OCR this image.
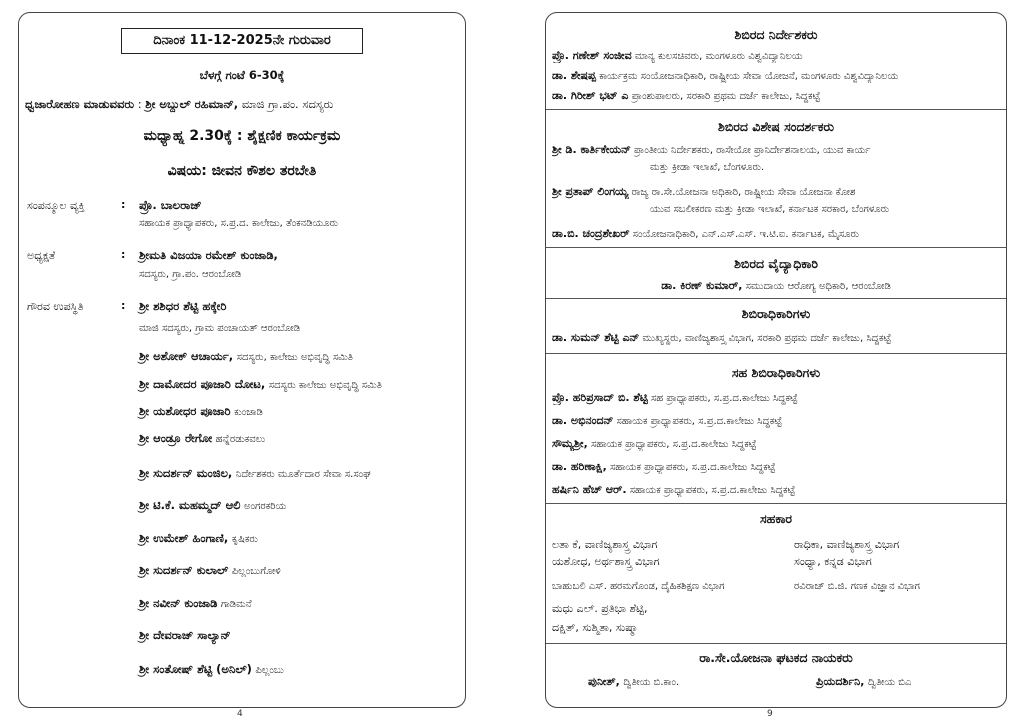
ದಿನಾಂಕ 11-12-2025ನೇ ಗುರುವಾರ
ಬೆಳಗ್ಗೆ ಗಂಟೆ 6-30ಕ್ಕೆ
ಧ್ವಜಾರೋಹಣ ಮಾಡುವವರು : ಶ್ರೀ ಅಬ್ದುಲ್ ರಹಿಮಾನ್, ಮಾಜಿ ಗ್ರಾ.ಪಂ. ಸದಸ್ಯರು
ಮಧ್ಯಾಹ್ನ 2.30ಕ್ಕೆ : ಶೈಕ್ಷಣಿಕ ಕಾರ್ಯಕ್ರಮ
ವಿಷಯ: ಜೀವನ ಕೌಶಲ ತರಬೇತಿ
ಸಂಪನ್ಮೂಲ ವ್ಯಕ್ತಿ	: ಪ್ರೊ. ಬಾಲರಾಜ್
ಸಹಾಯಕ ಪ್ರಾಧ್ಯಾಪಕರು, ಸ.ಪ್ರ.ದ. ಕಾಲೇಜು, ತೆಂಕನಡಿಯೂರು
ಅಧ್ಯಕ್ಷತೆ	: ಶ್ರೀಮತಿ ವಿಜಯಾ ರಮೇಶ್ ಕುಂಜಾಡಿ,
ಸದಸ್ಯರು, ಗ್ರಾ.ಪಂ. ಆರಂಬೋಡಿ
ಗೌರವ ಉಪಸ್ಥಿತಿ	: ಶ್ರೀ ಶಶಿಧರ ಶೆಟ್ಟಿ ಹಕ್ಕೇರಿ
ಮಾಜಿ ಸದಸ್ಯರು, ಗ್ರಾಮ ಪಂಚಾಯತ್ ಆರಂಬೋಡಿ
ಶ್ರೀ ಅಶೋಕ್ ಆಚಾರ್ಯ, ಸದಸ್ಯರು, ಕಾಲೇಜು ಅಭಿವೃದ್ಧಿ ಸಮಿತಿ
ಶ್ರೀ ದಾಮೋದರ ಪೂಜಾರಿ ದೋಟ, ಸದಸ್ಯರು ಕಾಲೇಜು ಅಭಿವೃದ್ಧಿ ಸಮಿತಿ
ಶ್ರೀ ಯಶೋಧರ ಪೂಜಾರಿ ಕುಂಜಾಡಿ
ಶ್ರೀ ಆಂಡ್ರೂ ರೇಗೋ ಹನ್ನೆರಡುಕವಲು
ಶ್ರೀ ಸುದರ್ಶನ್ ಮಂಜಿಲ, ನಿರ್ದೇಶಕರು ಮೂರ್ತೆದಾರ ಸೇವಾ ಸ.ಸಂಘ
ಶ್ರೀ ಟಿ.ಕೆ. ಮಹಮ್ಮದ್ ಆಲಿ ಅಂಗರಕರಿಯ
ಶ್ರೀ ಉಮೇಶ್ ಹಿಂಗಾಣಿ, ಕೃಷಿಕರು
ಶ್ರೀ ಸುದರ್ಶನ್ ಕುಲಾಲ್ ಪಿಲ್ಲಂಬುಗೋಳಿ
ಶ್ರೀ ನವೀನ್ ಕುಂಜಾಡಿ ಗಾಡಿಮನೆ
ಶ್ರೀ ದೇವರಾಜ್ ಸಾಲ್ಯಾನ್
ಶ್ರೀ ಸಂತೋಷ್ ಶೆಟ್ಟಿ (ಅನಿಲ್) ಪಿಲ್ಲಂಬು
4
ಶಿಬಿರದ ನಿರ್ದೇಶಕರು
ಪ್ರೊ. ಗಣೇಶ್ ಸಂಜೀವ ಮಾನ್ಯ ಕುಲಸಚಿವರು, ಮಂಗಳೂರು ವಿಶ್ವವಿದ್ಯಾನಿಲಯ
ಡಾ. ಶೇಷಪ್ಪ ಕಾರ್ಯಕ್ರಮ ಸಂಯೋಜನಾಧಿಕಾರಿ, ರಾಷ್ಟ್ರೀಯ ಸೇವಾ ಯೋಜನೆ, ಮಂಗಳೂರು ವಿಶ್ವವಿದ್ಯಾನಿಲಯ
ಡಾ. ಗಿರೀಶ್ ಭಟ್ ಎ ಪ್ರಾಂಶುಪಾಲರು, ಸರಕಾರಿ ಪ್ರಥಮ ದರ್ಜೆ ಕಾಲೇಜು, ಸಿದ್ಧಕಟ್ಟೆ
ಶಿಬಿರದ ವಿಶೇಷ ಸಂದರ್ಶಕರು
ಶ್ರೀ ಡಿ. ಕಾರ್ತಿಕೇಯನ್ ಪ್ರಾಂತೀಯ ನಿರ್ದೇಶಕರು, ರಾಸೇಯೋ ಪ್ರಾನಿರ್ದೇಶನಾಲಯ, ಯುವ ಕಾರ್ಯ
ಮತ್ತು ಕ್ರೀಡಾ ಇಲಾಖೆ, ಬೆಂಗಳೂರು.
ಶ್ರೀ ಪ್ರತಾಪ್ ಲಿಂಗಯ್ಯ ರಾಜ್ಯ ರಾ.ಸೇ.ಯೋಜನಾ ಅಧಿಕಾರಿ, ರಾಷ್ಟ್ರೀಯ ಸೇವಾ ಯೋಜನಾ ಕೋಶ
ಯುವ ಸಬಲೀಕರಣ ಮತ್ತು ಕ್ರೀಡಾ ಇಲಾಖೆ, ಕರ್ನಾಟಕ ಸರಕಾರ, ಬೆಂಗಳೂರು
ಡಾ.ಬಿ. ಚಂದ್ರಶೇಖರ್ ಸಂಯೋಜನಾಧಿಕಾರಿ, ಎನ್.ಎಸ್.ಎಸ್. ಇ.ಟಿ.ಐ. ಕರ್ನಾಟಕ, ಮೈಸೂರು
ಶಿಬಿರದ ವೈದ್ಯಾಧಿಕಾರಿ
ಡಾ. ಕಿರಣ್ ಕುಮಾರ್, ಸಮುದಾಯ ಆರೋಗ್ಯ ಅಧಿಕಾರಿ, ಆರಂಬೋಡಿ
ಶಿಬಿರಾಧಿಕಾರಿಗಳು
ಡಾ. ಸುಮನ್ ಶೆಟ್ಟಿ ಎನ್ ಮುಖ್ಯಸ್ಥರು, ವಾಣಿಜ್ಯಶಾಸ್ತ್ರ ವಿಭಾಗ, ಸರಕಾರಿ ಪ್ರಥಮ ದರ್ಜೆ ಕಾಲೇಜು, ಸಿದ್ಧಕಟ್ಟೆ
ಸಹ ಶಿಬಿರಾಧಿಕಾರಿಗಳು
ಪ್ರೊ. ಹರಿಪ್ರಸಾದ್ ಬಿ. ಶೆಟ್ಟಿ ಸಹ ಪ್ರಾಧ್ಯಾಪಕರು, ಸ.ಪ್ರ.ದ.ಕಾಲೇಜು ಸಿದ್ಧಕಟ್ಟೆ
ಡಾ. ಅಭಿನಂದನ್ ಸಹಾಯಕ ಪ್ರಾಧ್ಯಾಪಕರು, ಸ.ಪ್ರ.ದ.ಕಾಲೇಜು ಸಿದ್ಧಕಟ್ಟೆ
ಸೌಮ್ಯಶ್ರೀ, ಸಹಾಯಕ ಪ್ರಾಧ್ಯಾಪಕರು, ಸ.ಪ್ರ.ದ.ಕಾಲೇಜು ಸಿದ್ಧಕಟ್ಟೆ
ಡಾ. ಹರಿಣಾಕ್ಷಿ, ಸಹಾಯಕ ಪ್ರಾಧ್ಯಾಪಕರು, ಸ.ಪ್ರ.ದ.ಕಾಲೇಜು ಸಿದ್ಧಕಟ್ಟೆ
ಹರ್ಷಿನಿ ಹೆಚ್ ಆರ್. ಸಹಾಯಕ ಪ್ರಾಧ್ಯಾಪಕರು, ಸ.ಪ್ರ.ದ.ಕಾಲೇಜು ಸಿದ್ಧಕಟ್ಟೆ
ಸಹಕಾರ
ಲತಾ ಕೆ, ವಾಣಿಜ್ಯಶಾಸ್ತ್ರ ವಿಭಾಗ	ರಾಧಿಕಾ, ವಾಣಿಜ್ಯಶಾಸ್ತ್ರ ವಿಭಾಗ
ಯಶೋಧ, ಅರ್ಥಶಾಸ್ತ್ರ ವಿಭಾಗ	ಸಂಧ್ಯಾ, ಕನ್ನಡ ವಿಭಾಗ
ಬಾಹುಬಲಿ ಎಸ್. ಹರಮಗೊಂಡ, ದೈಹಿಕಶಿಕ್ಷಣ ವಿಭಾಗ	ರವಿರಾಜ್ ಬಿ.ಜಿ. ಗಣಕ ವಿಜ್ಞಾನ ವಿಭಾಗ
ಮಧು ಎಲ್. ಪ್ರತಿಭಾ ಶೆಟ್ಟಿ,
ದಕ್ಷಿತ್, ಸುಶ್ಮಿತಾ, ಸುಷ್ಮಾ
ರಾ.ಸೇ.ಯೋಜನಾ ಘಟಕದ ನಾಯಕರು
ಪುನೀತ್, ದ್ವಿತೀಯ ಬಿ.ಕಾಂ.	ಪ್ರಿಯದರ್ಶಿನಿ, ದ್ವಿತೀಯ ಬಿಎ
9
